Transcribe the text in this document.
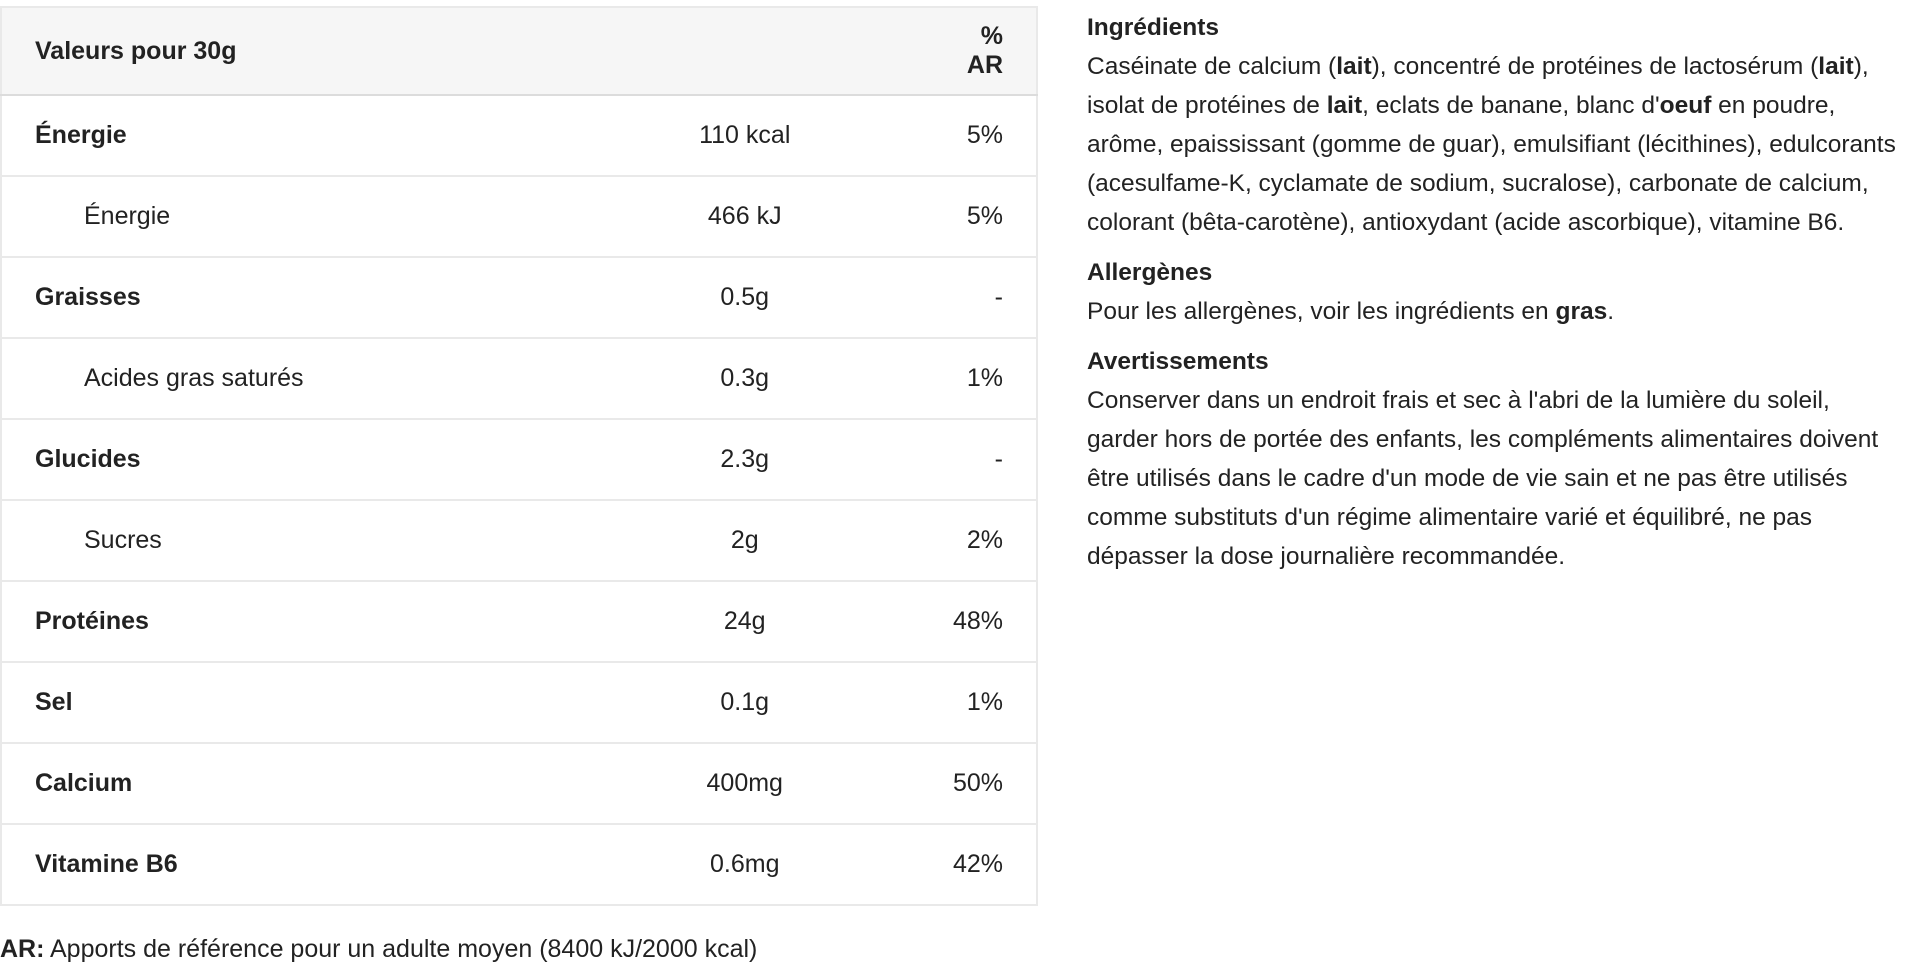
Valeurs pour 30g		% AR
Énergie	110 kcal	5%
Énergie	466 kJ	5%
Graisses	0.5g	-
Acides gras saturés	0.3g	1%
Glucides	2.3g	-
Sucres	2g	2%
Protéines	24g	48%
Sel	0.1g	1%
Calcium	400mg	50%
Vitamine B6	0.6mg	42%
AR: Apports de référence pour un adulte moyen (8400 kJ/2000 kcal)
Ingrédients
Caséinate de calcium (lait), concentré de protéines de lactosérum (lait), isolat de protéines de lait, eclats de banane, blanc d'oeuf en poudre, arôme, epaississant (gomme de guar), emulsifiant (lécithines), edulcorants (acesulfame-K, cyclamate de sodium, sucralose), carbonate de calcium, colorant (bêta-carotène), antioxydant (acide ascorbique), vitamine B6.
Allergènes
Pour les allergènes, voir les ingrédients en gras.
Avertissements
Conserver dans un endroit frais et sec à l'abri de la lumière du soleil, garder hors de portée des enfants, les compléments alimentaires doivent être utilisés dans le cadre d'un mode de vie sain et ne pas être utilisés comme substituts d'un régime alimentaire varié et équilibré, ne pas dépasser la dose journalière recommandée.
